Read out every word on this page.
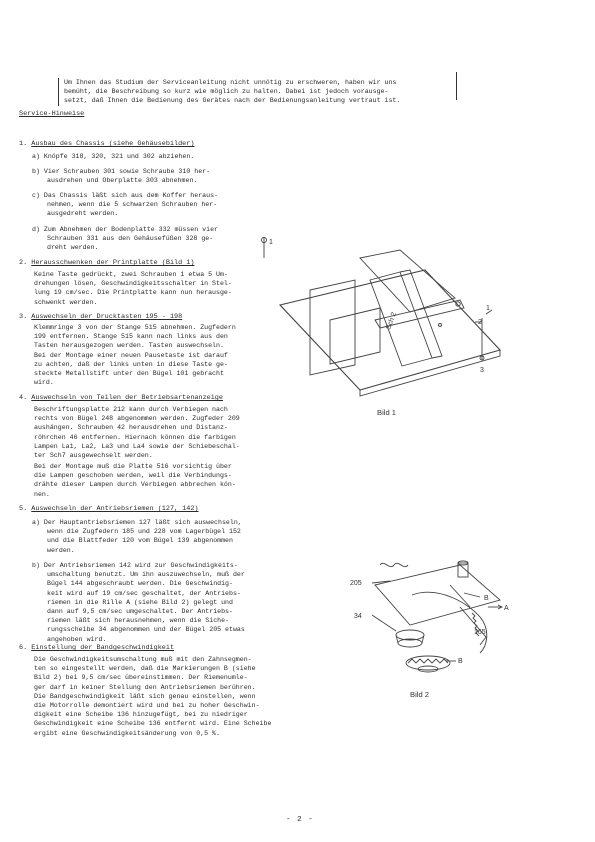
Um Ihnen das Studium der Serviceanleitung nicht unnötig zu erschweren, haben wir uns
bemüht, die Beschreibung so kurz wie möglich zu halten. Dabei ist jedoch vorausge-
setzt, daß Ihnen die Bedienung des Gerätes nach der Bedienungsanleitung vertraut ist.
Service-Hinweise
1. Ausbau des Chassis (siehe Gehäusebilder)
a) Knöpfe 318, 320, 321 und 302 abziehen.
b) Vier Schrauben 301 sowie Schraube 310 her-
ausdrehen und Oberplatte 303 abnehmen.
c) Das Chassis läßt sich aus dem Koffer heraus-
nehmen, wenn die 5 schwarzen Schrauben her-
ausgedreht werden.
d) Zum Abnehmen der Bodenplatte 332 müssen vier
Schrauben 331 aus den Gehäusefüßen 328 ge-
dreht werden.
2. Herausschwenken der Printplatte (Bild 1)
Keine Taste gedrückt, zwei Schrauben 1 etwa 5 Um-
drehungen lösen, Geschwindigkeitsschalter in Stel-
lung 19 cm/sec. Die Printplatte kann nun herausge-
schwenkt werden.
3. Auswechseln der Drucktasten 195 - 198
Klemmringe 3 von der Stange 515 abnehmen. Zugfedern
199 entfernen. Stange 515 kann nach links aus den
Tasten herausgezogen werden. Tasten auswechseln.
Bei der Montage einer neuen Pausetaste ist darauf
zu achten, daß der links unten in diese Taste ge-
steckte Metallstift unter den Bügel 101 gebracht
wird.
4. Auswechseln von Teilen der Betriebsartenanzeige
Beschriftungsplatte 212 kann durch Verbiegen nach
rechts von Bügel 248 abgenommen werden. Zugfeder 209
aushängen. Schrauben 42 herausdrehen und Distanz-
röhrchen 46 entfernen. Hiernach können die farbigen
Lampen La1, La2, La3 und La4 sowie der Schiebeschal-
ter Sch7 ausgewechselt werden.
Bei der Montage muß die Platte 516 vorsichtig über
die Lampen geschoben werden, weil die Verbindungs-
drähte dieser Lampen durch Verbiegen abbrechen kön-
nen.
5. Auswechseln der Antriebsriemen (127, 142)
a) Der Hauptantriebsriemen 127 läßt sich auswechseln,
wenn die Zugfedern 185 und 228 vom Lagerbügel 152
und die Blattfeder 120 vom Bügel 139 abgenommen
werden.
b) Der Antriebsriemen 142 wird zur Geschwindigkeits-
umschaltung benutzt. Um ihn auszuwechseln, muß der
Bügel 144 abgeschraubt werden. Die Geschwindig-
keit wird auf 19 cm/sec geschaltet, der Antriebs-
riemen in die Rille A (siehe Bild 2) gelegt und
dann auf 9,5 cm/sec umgeschaltet. Der Antriebs-
riemen läßt sich herausnehmen, wenn die Siche-
rungsscheibe 34 abgenommen und der Bügel 205 etwas
angehoben wird.
6. Einstellung der Bandgeschwindigkeit
Die Geschwindigkeitsumschaltung muß mit den Zahnsegmen-
ten so eingestellt werden, daß die Markierungen B (siehe
Bild 2) bei 9,5 cm/sec übereinstimmen. Der Riemenumle-
ger darf in keiner Stellung den Antriebsriemen berühren.
Die Bandgeschwindigkeit läßt sich genau einstellen, wenn
die Motorrolle demontiert wird und bei zu hoher Geschwin-
digkeit eine Scheibe 136 hinzugefügt, bei zu niedriger
Geschwindigkeit eine Scheibe 136 entfernt wird. Eine Scheibe
ergibt eine Geschwindigkeitsänderung von 0,5 %.
1
1
2
3
Sch 2
Bild 1
205
B
A
34
165
B
Bild 2
- 2 -
